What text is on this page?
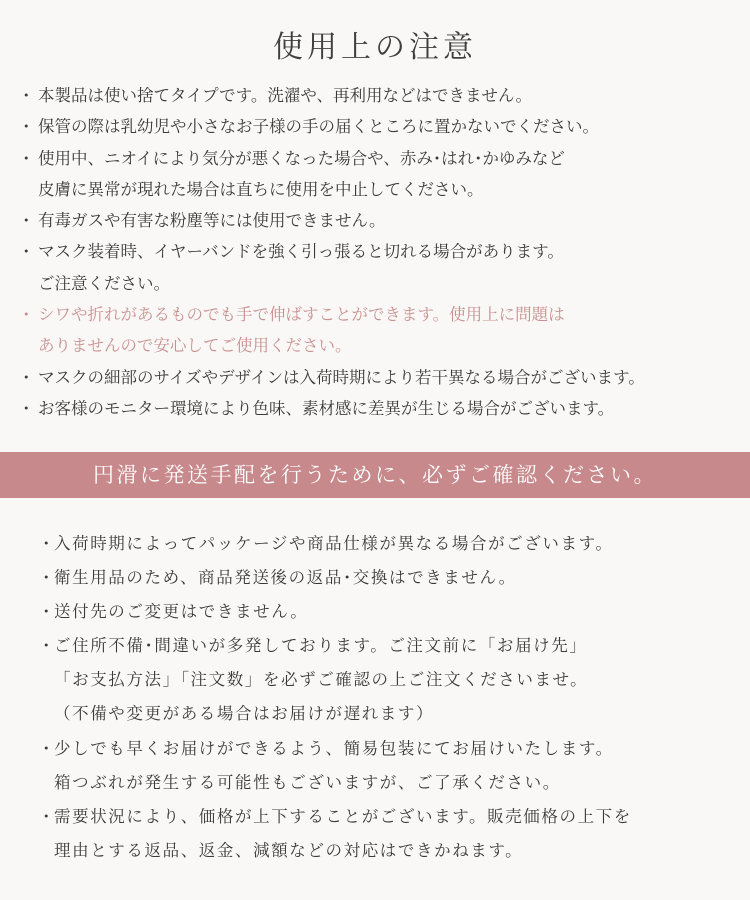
使用上の注意
・ 本製品は使い捨てタイプです。洗濯や、再利用などはできません。
・ 保管の際は乳幼児や小さなお子様の手の届くところに置かないでください。
・ 使用中、ニオイにより気分が悪くなった場合や、赤み･はれ･かゆみなど
皮膚に異常が現れた場合は直ちに使用を中止してください。
・ 有毒ガスや有害な粉塵等には使用できません。
・ マスク装着時、イヤーバンドを強く引っ張ると切れる場合があります。
ご注意ください。
・ シワや折れがあるものでも手で伸ばすことができます。使用上に問題は
ありませんので安心してご使用ください。
・ マスクの細部のサイズやデザインは入荷時期により若干異なる場合がございます。
・ お客様のモニター環境により色味、素材感に差異が生じる場合がございます。
円滑に発送手配を行うために、必ずご確認ください。
・
入荷時期によってパッケージや商品仕様が異なる場合がございます。
・
衛生用品のため、商品発送後の返品･交換はできません。
・
送付先のご変更はできません。
・
ご住所不備･間違いが多発しております。ご注文前に「お届け先」
「お支払方法」「注文数」を必ずご確認の上ご注文くださいませ。
（不備や変更がある場合はお届けが遅れます）
・
少しでも早くお届けができるよう、簡易包装にてお届けいたします。
箱つぶれが発生する可能性もございますが、ご了承ください。
・
需要状況により、価格が上下することがございます。販売価格の上下を
理由とする返品、返金、減額などの対応はできかねます。
